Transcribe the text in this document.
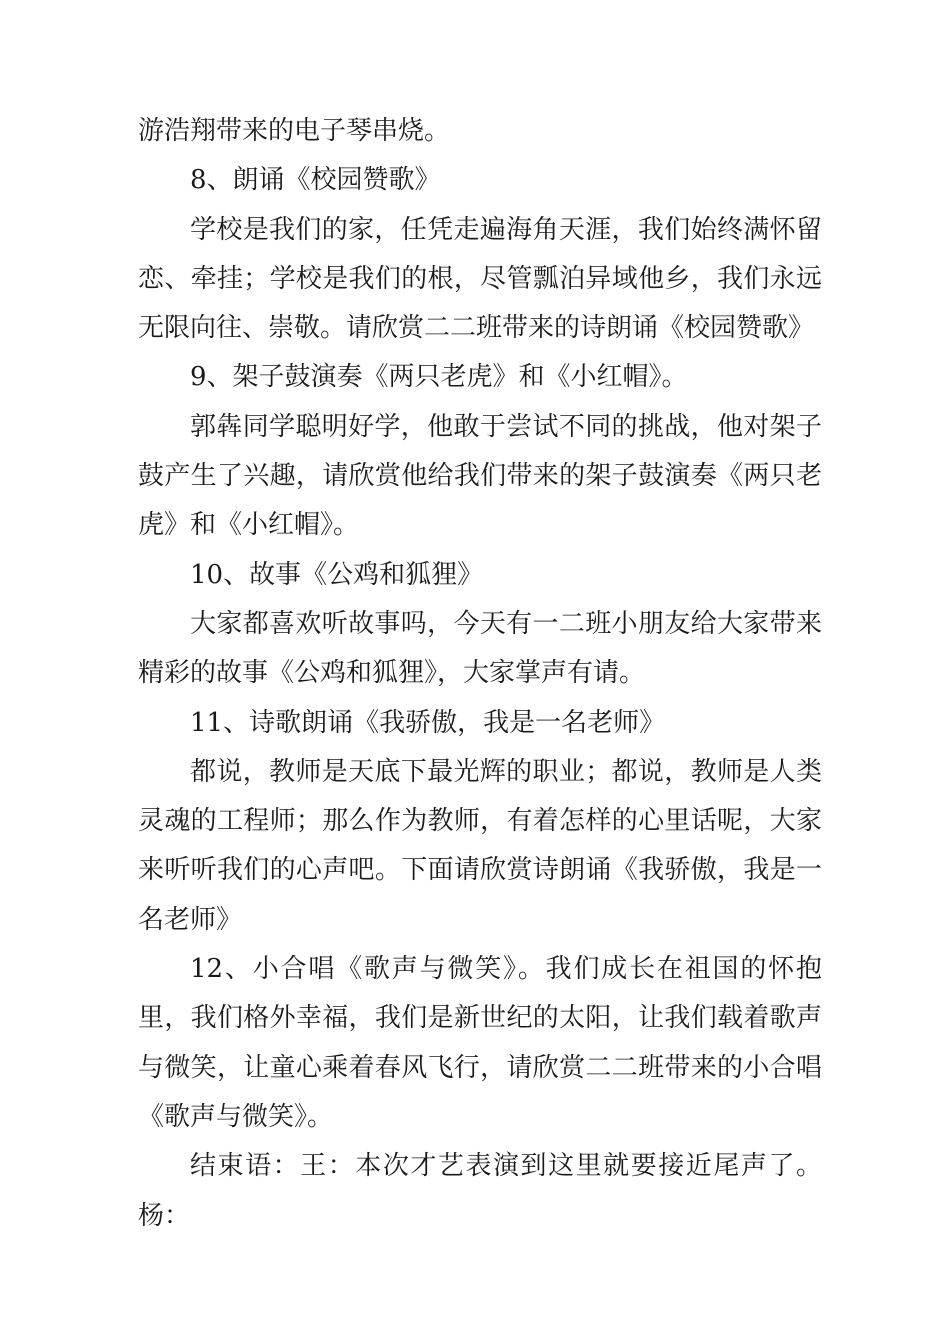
游浩翔带来的电子琴串烧。

8、朗诵《校园赞歌》

学校是我们的家，任凭走遍海角天涯，我们始终满怀留恋、牵挂；学校是我们的根，尽管瓢泊异域他乡，我们永远无限向往、崇敬。请欣赏二二班带来的诗朗诵《校园赞歌》

9、架子鼓演奏《两只老虎》和《小红帽》。

郭犇同学聪明好学，他敢于尝试不同的挑战，他对架子鼓产生了兴趣，请欣赏他给我们带来的架子鼓演奏《两只老虎》和《小红帽》。

10、故事《公鸡和狐狸》

大家都喜欢听故事吗，今天有一二班小朋友给大家带来精彩的故事《公鸡和狐狸》，大家掌声有请。

11、诗歌朗诵《我骄傲，我是一名老师》

都说，教师是天底下最光辉的职业；都说，教师是人类灵魂的工程师；那么作为教师，有着怎样的心里话呢，大家来听听我们的心声吧。下面请欣赏诗朗诵《我骄傲，我是一名老师》

12、小合唱《歌声与微笑》。我们成长在祖国的怀抱里，我们格外幸福，我们是新世纪的太阳，让我们载着歌声与微笑，让童心乘着春风飞行，请欣赏二二班带来的小合唱《歌声与微笑》。

结束语：王：本次才艺表演到这里就要接近尾声了。杨：
